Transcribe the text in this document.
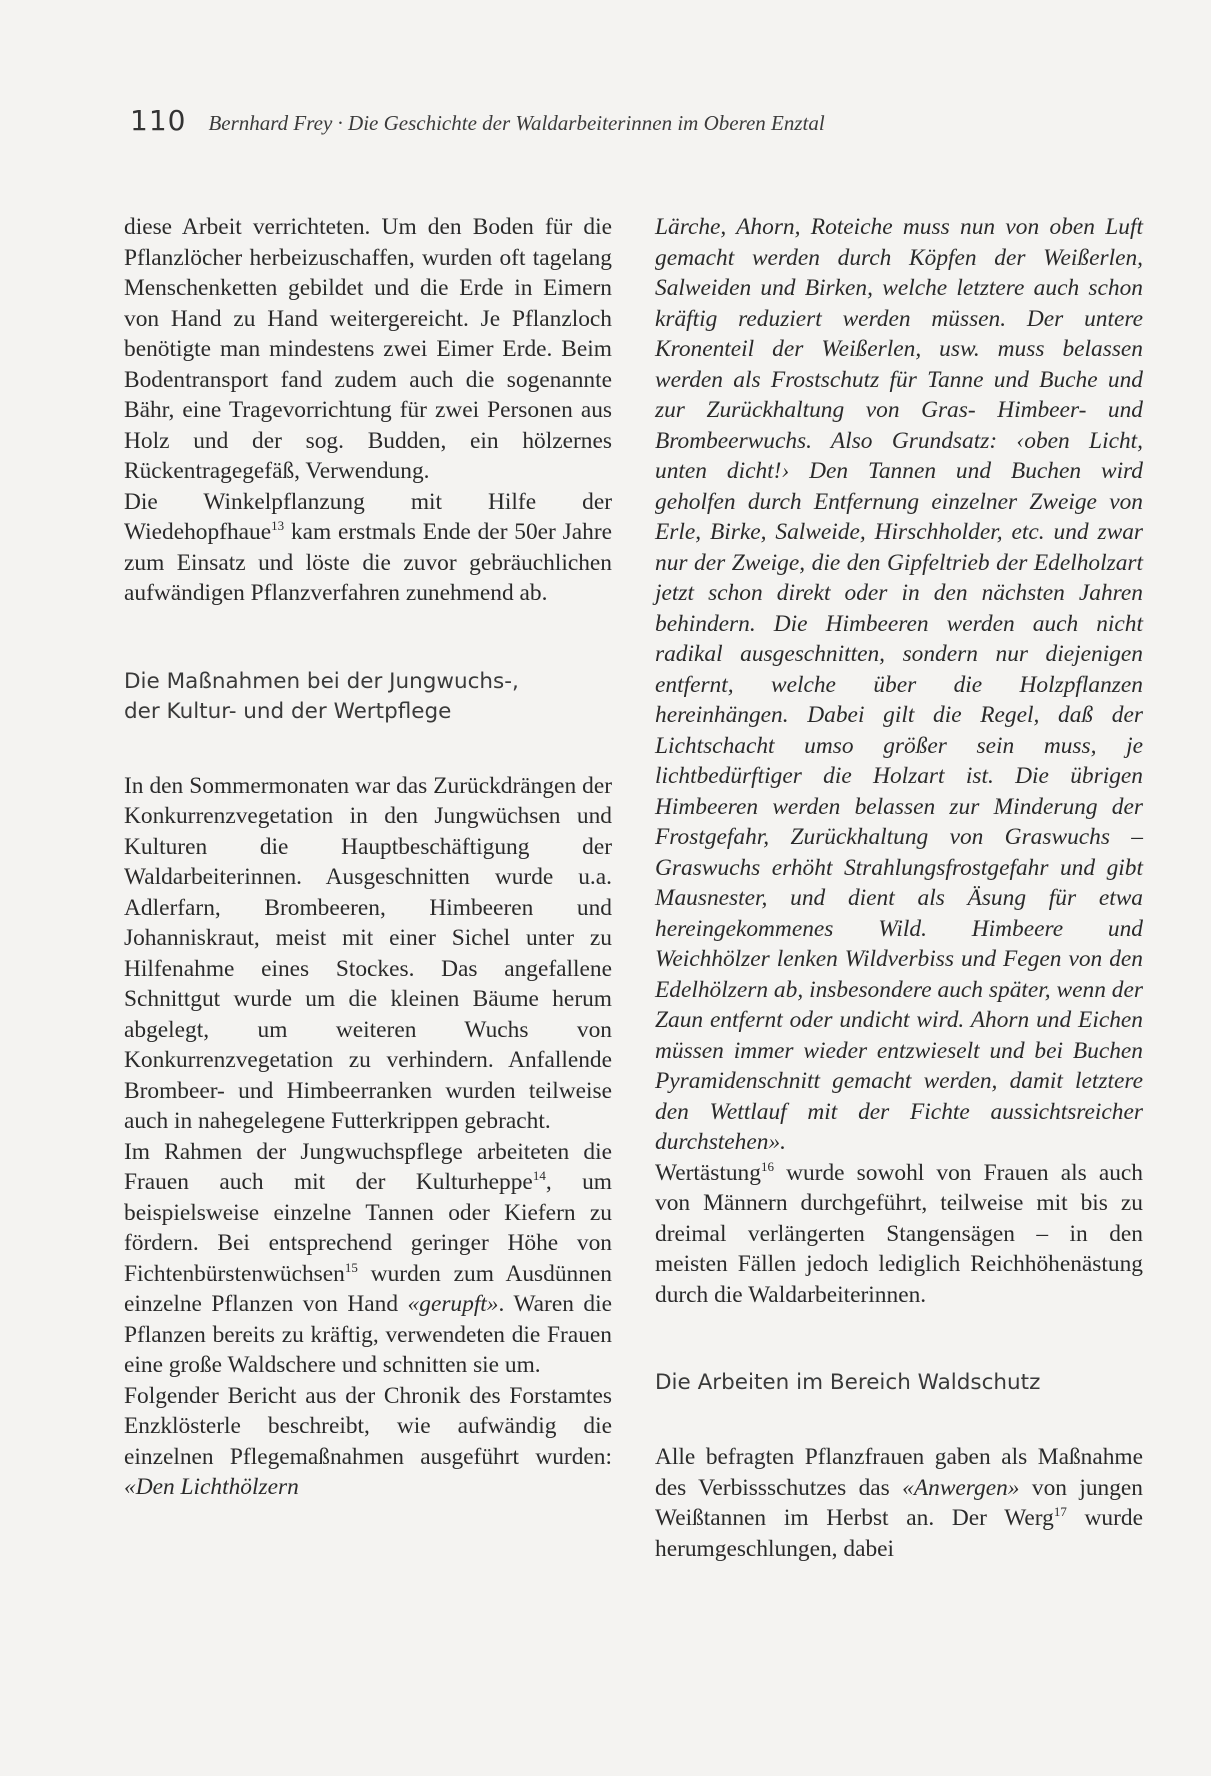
110 Bernhard Frey · Die Geschichte der Waldarbeiterinnen im Oberen Enztal

diese Arbeit verrichteten. Um den Boden für die Pflanzlöcher herbeizuschaffen, wurden oft tagelang Menschenketten gebildet und die Erde in Eimern von Hand zu Hand weitergereicht. Je Pflanzloch benötigte man mindestens zwei Eimer Erde. Beim Bodentransport fand zudem auch die sogenannte Bähr, eine Tragevorrichtung für zwei Personen aus Holz und der sog. Budden, ein hölzernes Rückentragegefäß, Verwendung.

Die Winkelpflanzung mit Hilfe der Wiedehopfhaue$^{13}$ kam erstmals Ende der 50er Jahre zum Einsatz und löste die zuvor gebräuchlichen aufwändigen Pflanzverfahren zunehmend ab.

Die Maßnahmen bei der Jungwuchs-,
der Kultur- und der Wertpflege

In den Sommermonaten war das Zurückdrängen der Konkurrenzvegetation in den Jungwüchsen und Kulturen die Hauptbeschäftigung der Waldarbeiterinnen. Ausgeschnitten wurde u.a. Adlerfarn, Brombeeren, Himbeeren und Johanniskraut, meist mit einer Sichel unter zu Hilfenahme eines Stockes. Das angefallene Schnittgut wurde um die kleinen Bäume herum abgelegt, um weiteren Wuchs von Konkurrenzvegetation zu verhindern. Anfallende Brombeer- und Himbeerranken wurden teilweise auch in nahegelegene Futterkrippen gebracht.

Im Rahmen der Jungwuchspflege arbeiteten die Frauen auch mit der Kulturheppe$^{14}$, um beispielsweise einzelne Tannen oder Kiefern zu fördern. Bei entsprechend geringer Höhe von Fichtenbürstenwüchsen$^{15}$ wurden zum Ausdünnen einzelne Pflanzen von Hand «gerupft». Waren die Pflanzen bereits zu kräftig, verwendeten die Frauen eine große Waldschere und schnitten sie um.

Folgender Bericht aus der Chronik des Forstamtes Enzklösterle beschreibt, wie aufwändig die einzelnen Pflegemaßnahmen ausgeführt wurden: «Den Lichthölzern

Lärche, Ahorn, Roteiche muss nun von oben Luft gemacht werden durch Köpfen der Weißerlen, Salweiden und Birken, welche letztere auch schon kräftig reduziert werden müssen. Der untere Kronenteil der Weißerlen, usw. muss belassen werden als Frostschutz für Tanne und Buche und zur Zurückhaltung von Gras- Himbeer- und Brombeerwuchs. Also Grundsatz: ‹oben Licht, unten dicht!› Den Tannen und Buchen wird geholfen durch Entfernung einzelner Zweige von Erle, Birke, Salweide, Hirschholder, etc. und zwar nur der Zweige, die den Gipfeltrieb der Edelholzart jetzt schon direkt oder in den nächsten Jahren behindern. Die Himbeeren werden auch nicht radikal ausgeschnitten, sondern nur diejenigen entfernt, welche über die Holzpflanzen hereinhängen. Dabei gilt die Regel, daß der Lichtschacht umso größer sein muss, je lichtbedürftiger die Holzart ist. Die übrigen Himbeeren werden belassen zur Minderung der Frostgefahr, Zurückhaltung von Graswuchs – Graswuchs erhöht Strahlungsfrostgefahr und gibt Mausnester, und dient als Äsung für etwa hereingekommenes Wild. Himbeere und Weichhölzer lenken Wildverbiss und Fegen von den Edelhölzern ab, insbesondere auch später, wenn der Zaun entfernt oder undicht wird. Ahorn und Eichen müssen immer wieder entzwieselt und bei Buchen Pyramidenschnitt gemacht werden, damit letztere den Wettlauf mit der Fichte aussichtsreicher durchstehen».

Wertästung$^{16}$ wurde sowohl von Frauen als auch von Männern durchgeführt, teilweise mit bis zu dreimal verlängerten Stangensägen – in den meisten Fällen jedoch lediglich Reichhöhenästung durch die Waldarbeiterinnen.

Die Arbeiten im Bereich Waldschutz

Alle befragten Pflanzfrauen gaben als Maßnahme des Verbissschutzes das «Anwergen» von jungen Weißtannen im Herbst an. Der Werg$^{17}$ wurde herumgeschlungen, dabei
